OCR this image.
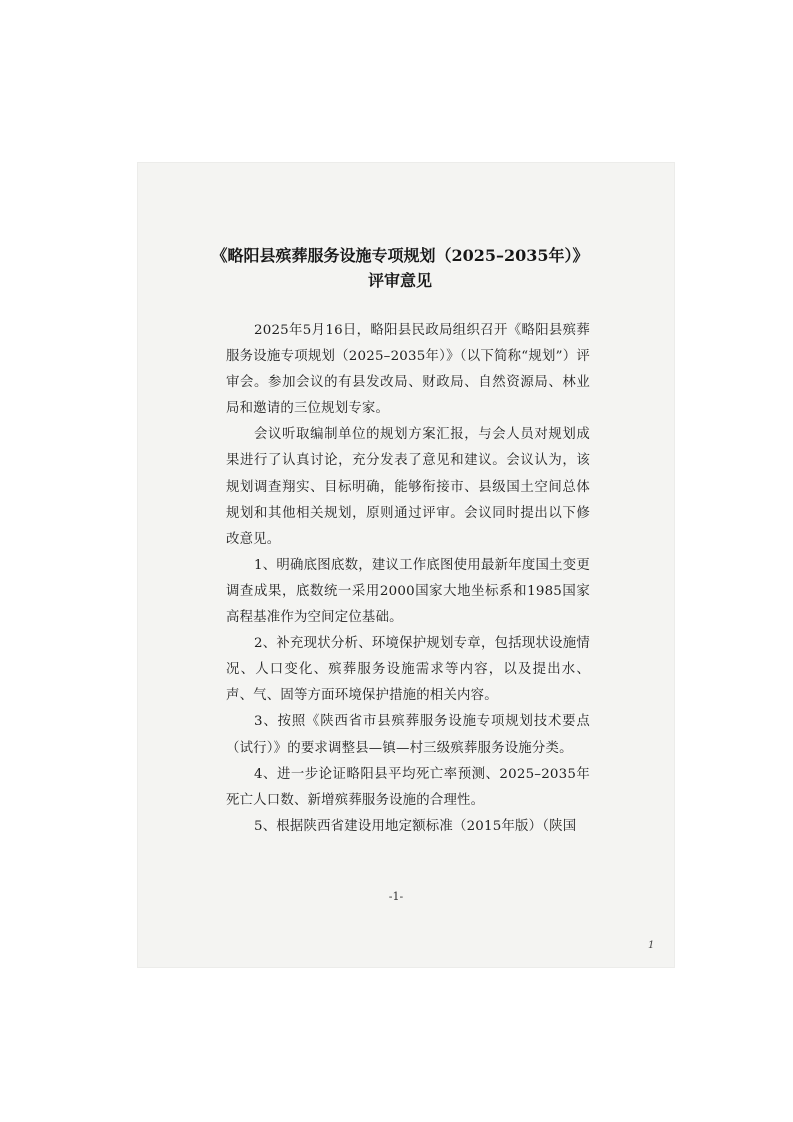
《略阳县殡葬服务设施专项规划（2025–2035年）》
评审意见

2025年5月16日，略阳县民政局组织召开《略阳县殡葬服务设施专项规划（2025–2035年）》（以下简称“规划”）评审会。参加会议的有县发改局、财政局、自然资源局、林业局和邀请的三位规划专家。

会议听取编制单位的规划方案汇报，与会人员对规划成果进行了认真讨论，充分发表了意见和建议。会议认为，该规划调查翔实、目标明确，能够衔接市、县级国土空间总体规划和其他相关规划，原则通过评审。会议同时提出以下修改意见。

1、明确底图底数，建议工作底图使用最新年度国土变更调查成果，底数统一采用2000国家大地坐标系和1985国家高程基准作为空间定位基础。

2、补充现状分析、环境保护规划专章，包括现状设施情况、人口变化、殡葬服务设施需求等内容，以及提出水、声、气、固等方面环境保护措施的相关内容。

3、按照《陕西省市县殡葬服务设施专项规划技术要点（试行）》的要求调整县—镇—村三级殡葬服务设施分类。

4、进一步论证略阳县平均死亡率预测、2025–2035年死亡人口数、新增殡葬服务设施的合理性。

5、根据陕西省建设用地定额标准（2015年版）（陕国

-1-
1
